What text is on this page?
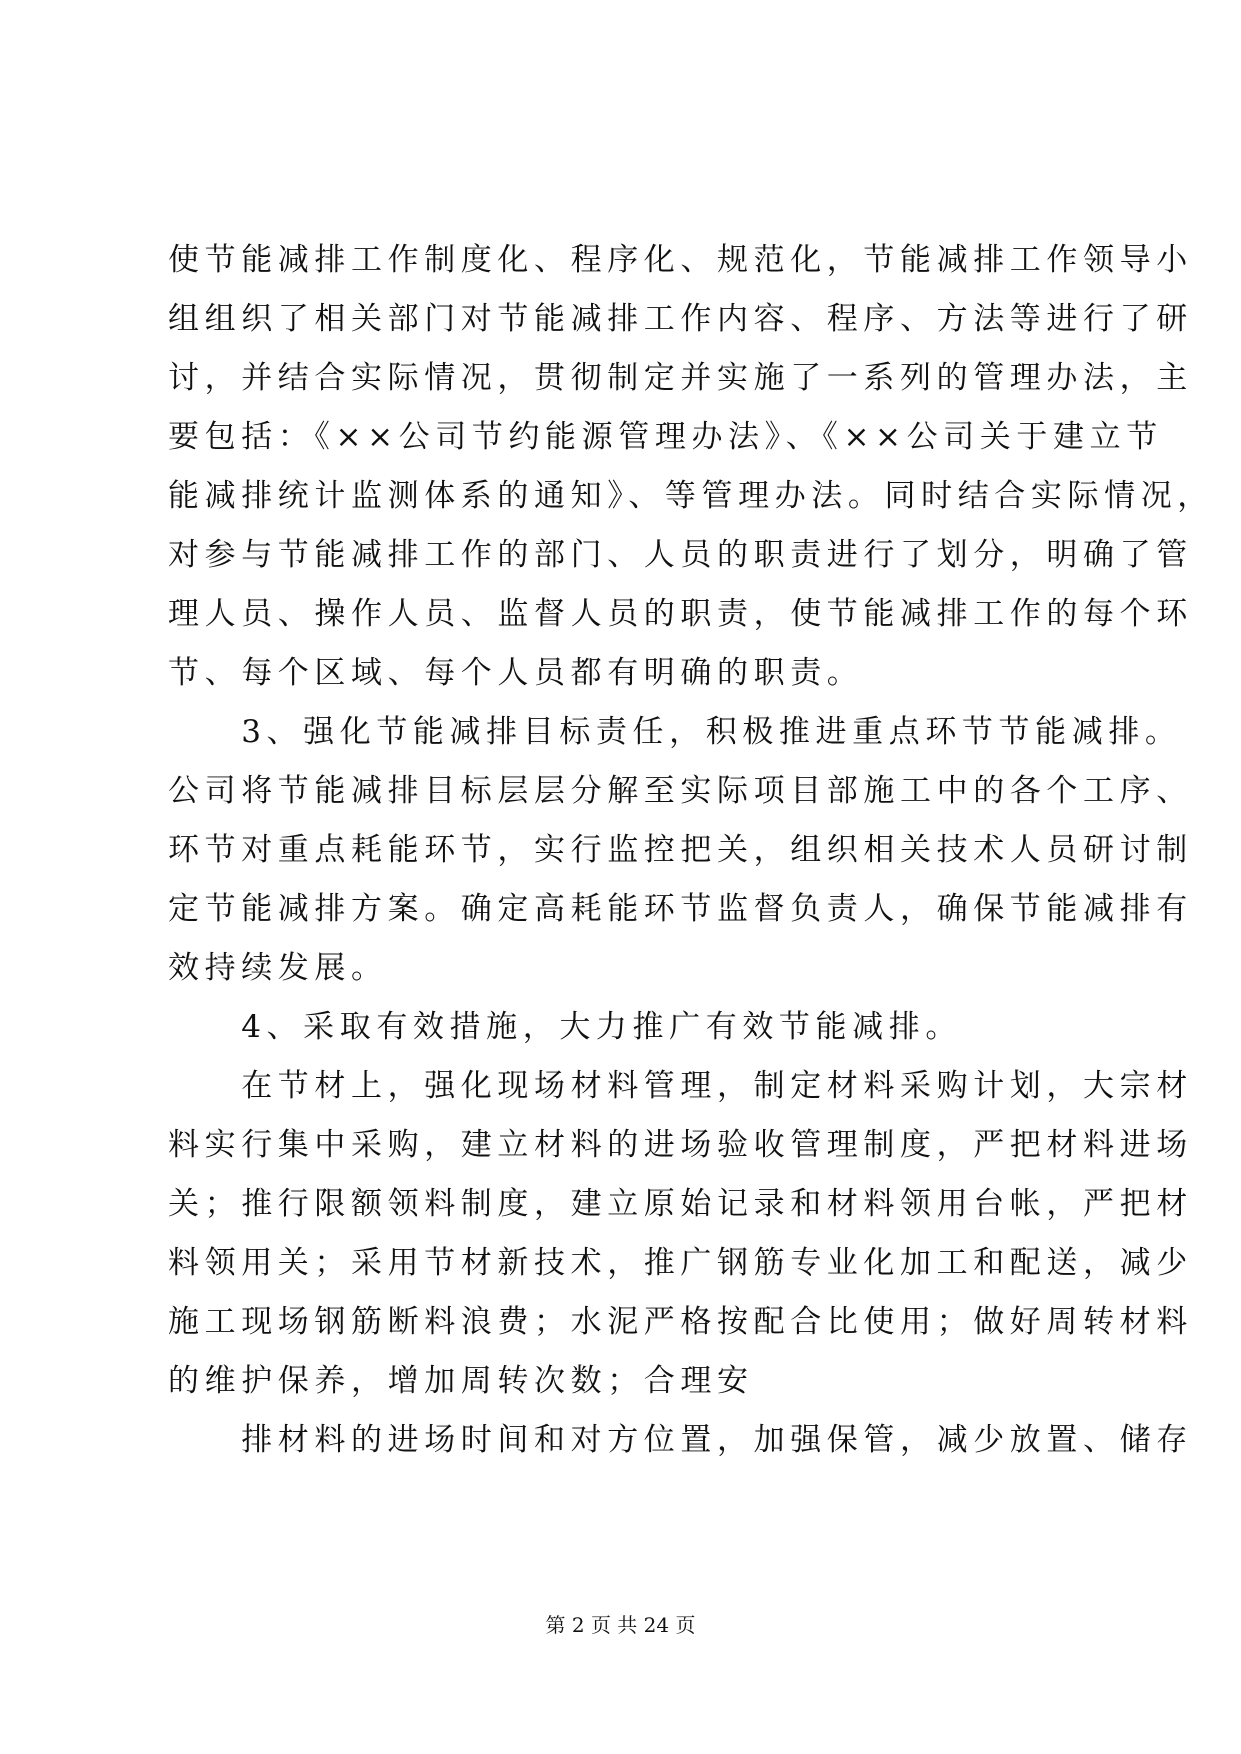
使节能减排工作制度化、程序化、规范化，节能减排工作领导小
组组织了相关部门对节能减排工作内容、程序、方法等进行了研
讨，并结合实际情况，贯彻制定并实施了一系列的管理办法，主
要包括：《××公司节约能源管理办法》、《××公司关于建立节
能减排统计监测体系的通知》、等管理办法。同时结合实际情况，
对参与节能减排工作的部门、人员的职责进行了划分，明确了管
理人员、操作人员、监督人员的职责，使节能减排工作的每个环
节、每个区域、每个人员都有明确的职责。
　　3、强化节能减排目标责任，积极推进重点环节节能减排。
公司将节能减排目标层层分解至实际项目部施工中的各个工序、
环节对重点耗能环节，实行监控把关，组织相关技术人员研讨制
定节能减排方案。确定高耗能环节监督负责人，确保节能减排有
效持续发展。
　　4、采取有效措施，大力推广有效节能减排。
　　在节材上，强化现场材料管理，制定材料采购计划，大宗材
料实行集中采购，建立材料的进场验收管理制度，严把材料进场
关；推行限额领料制度，建立原始记录和材料领用台帐，严把材
料领用关；采用节材新技术，推广钢筋专业化加工和配送，减少
施工现场钢筋断料浪费；水泥严格按配合比使用；做好周转材料
的维护保养，增加周转次数；合理安
　　排材料的进场时间和对方位置，加强保管，减少放置、储存
第 2 页 共 24 页
